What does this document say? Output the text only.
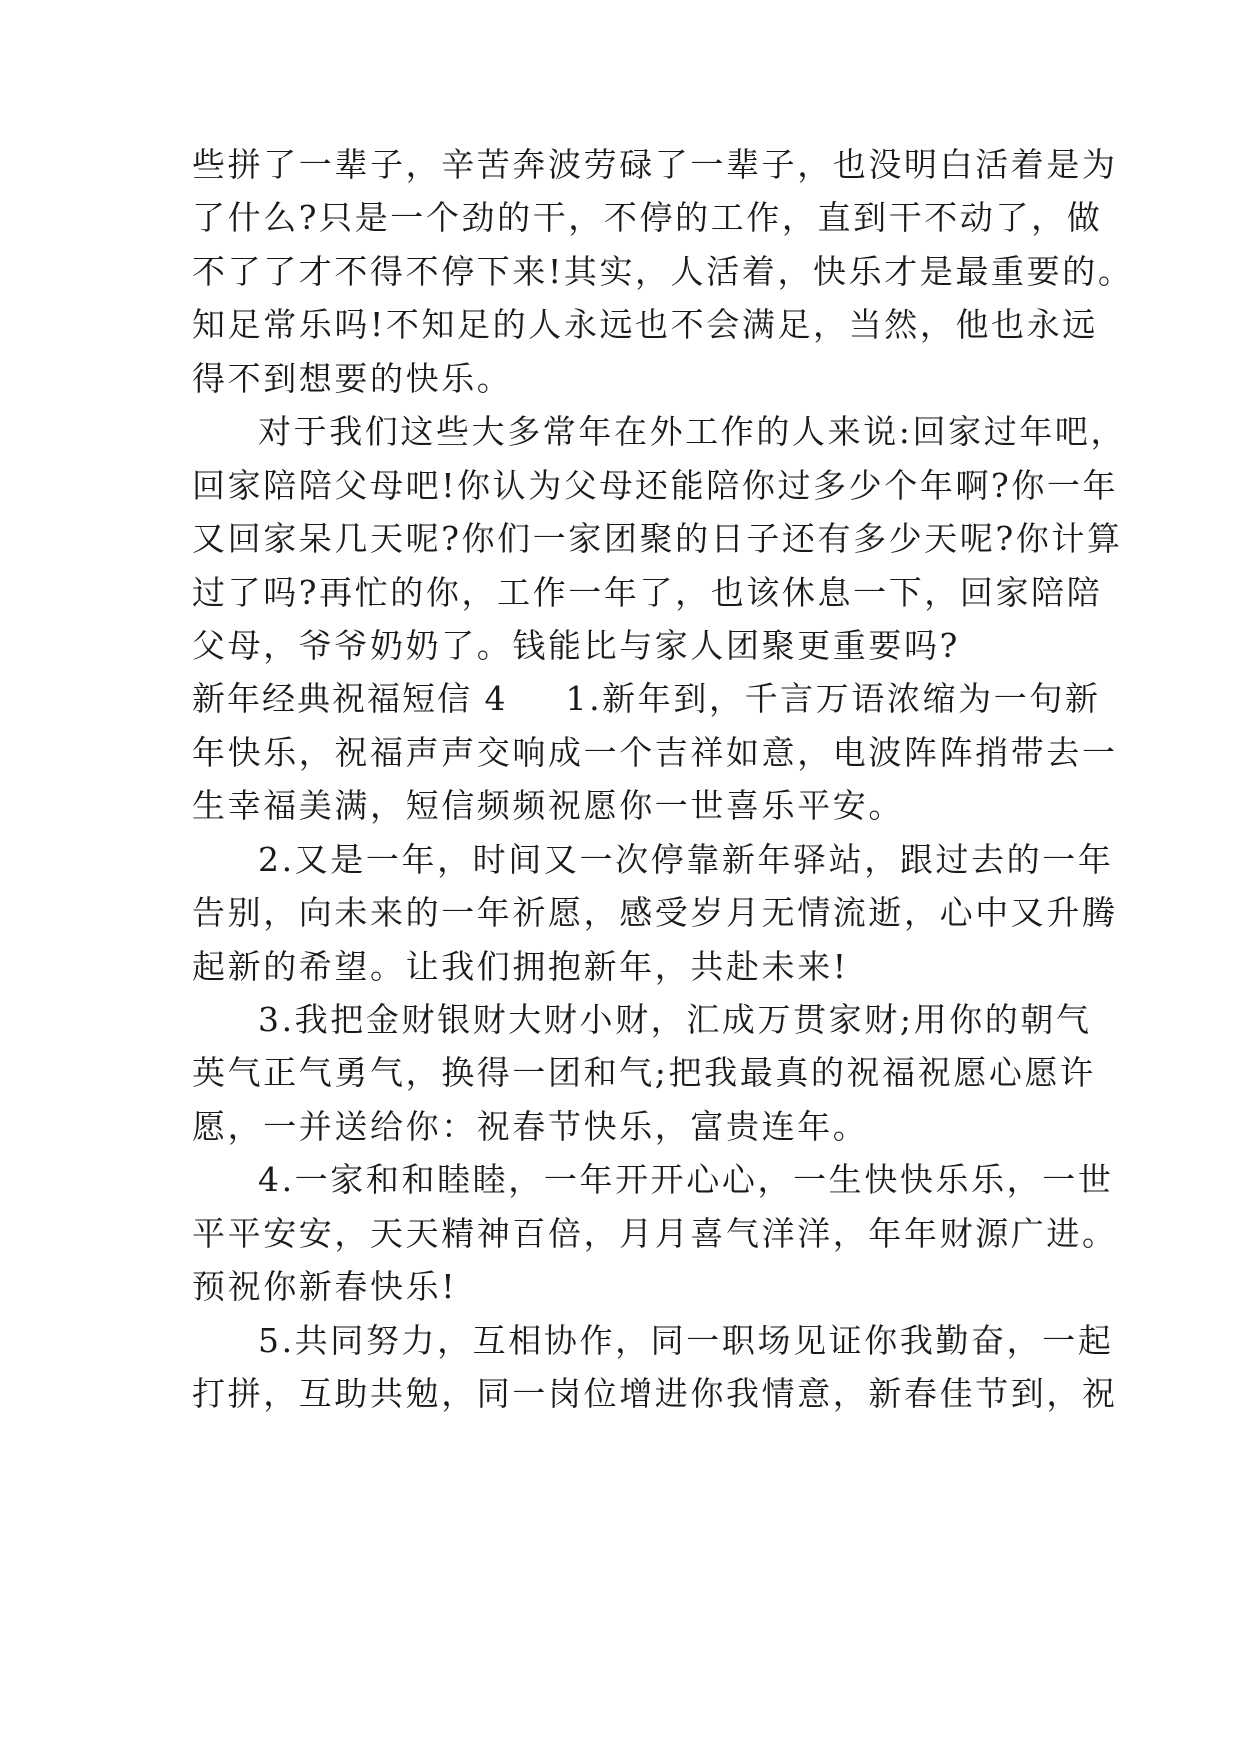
些拼了一辈子，辛苦奔波劳碌了一辈子，也没明白活着是为

了什么?只是一个劲的干，不停的工作，直到干不动了，做

不了了才不得不停下来!其实，人活着，快乐才是最重要的。

知足常乐吗!不知足的人永远也不会满足，当然，他也永远

得不到想要的快乐。

对于我们这些大多常年在外工作的人来说:回家过年吧，

回家陪陪父母吧!你认为父母还能陪你过多少个年啊?你一年

又回家呆几天呢?你们一家团聚的日子还有多少天呢?你计算

过了吗?再忙的你，工作一年了，也该休息一下，回家陪陪

父母，爷爷奶奶了。钱能比与家人团聚更重要吗?

新年经典祝福短信 4 1.新年到，千言万语浓缩为一句新

年快乐，祝福声声交响成一个吉祥如意，电波阵阵捎带去一

生幸福美满，短信频频祝愿你一世喜乐平安。

2.又是一年，时间又一次停靠新年驿站，跟过去的一年

告别，向未来的一年祈愿，感受岁月无情流逝，心中又升腾

起新的希望。让我们拥抱新年，共赴未来!

3.我把金财银财大财小财，汇成万贯家财;用你的朝气

英气正气勇气，换得一团和气;把我最真的祝福祝愿心愿许

愿，一并送给你：祝春节快乐，富贵连年。

4.一家和和睦睦，一年开开心心，一生快快乐乐，一世

平平安安，天天精神百倍，月月喜气洋洋，年年财源广进。

预祝你新春快乐!

5.共同努力，互相协作，同一职场见证你我勤奋，一起

打拼，互助共勉，同一岗位增进你我情意，新春佳节到，祝
